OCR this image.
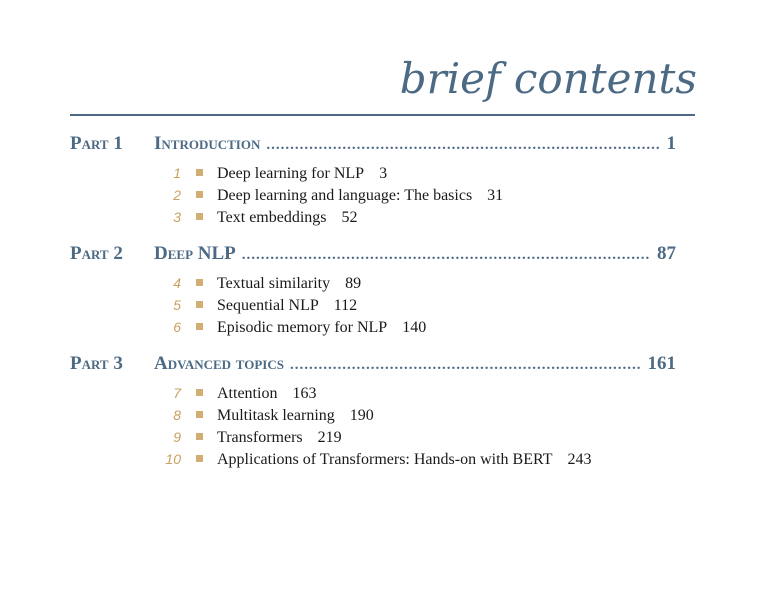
brief contents
Part 1	Introduction .....	1
1 Deep learning for NLP 3
2 Deep learning and language: The basics 31
3 Text embeddings 52
Part 2	Deep NLP .....	87
4 Textual similarity 89
5 Sequential NLP 112
6 Episodic memory for NLP 140
Part 3	Advanced topics .....	161
7 Attention 163
8 Multitask learning 190
9 Transformers 219
10 Applications of Transformers: Hands-on with BERT 243
